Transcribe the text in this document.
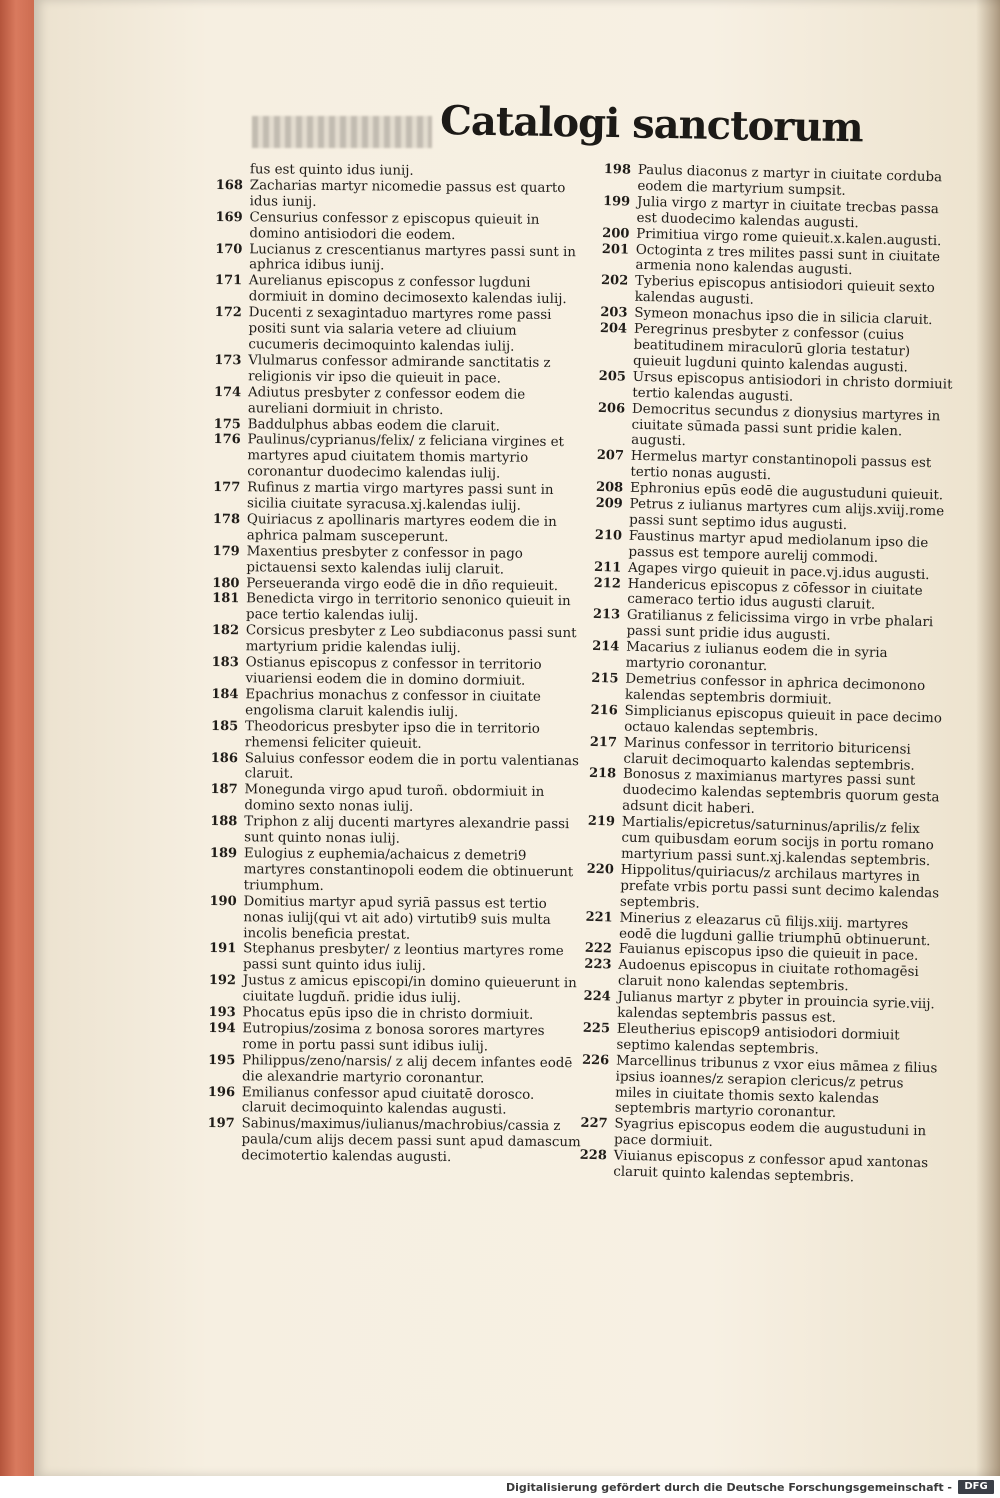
Catalogi sanctorum

fus est quinto idus iunij.

168 Zacharias martyr nicomedie passus est quarto idus iunij.

169 Censurius confessor z episcopus quieuit in domino antisiodori die eodem.

170 Lucianus z crescentianus martyres passi sunt in aphrica idibus iunij.

171 Aurelianus episcopus z confessor lugduni dormiuit in domino decimosexto kalendas iulij.

172 Ducenti z sexagintaduo martyres rome passi positi sunt via salaria vetere ad cliuium cucumeris decimoquinto kalendas iulij.

173 Vlulmarus confessor admirande sanctitatis z religionis vir ipso die quieuit in pace.

174 Adiutus presbyter z confessor eodem die aureliani dormiuit in christo.

175 Baddulphus abbas eodem die claruit.

176 Paulinus/cyprianus/felix/ z feliciana virgines et martyres apud ciuitatem thomis martyrio coronantur duodecimo kalendas iulij.

177 Rufinus z martia virgo martyres passi sunt in sicilia ciuitate syracusa.xj.kalendas iulij.

178 Quiriacus z apollinaris martyres eodem die in aphrica palmam susceperunt.

179 Maxentius presbyter z confessor in pago pictauensi sexto kalendas iulij claruit.

180 Perseueranda virgo eodē die in dño requieuit.

181 Benedicta virgo in territorio senonico quieuit in pace tertio kalendas iulij.

182 Corsicus presbyter z Leo subdiaconus passi sunt martyrium pridie kalendas iulij.

183 Ostianus episcopus z confessor in territorio viuariensi eodem die in domino dormiuit.

184 Epachrius monachus z confessor in ciuitate engolisma claruit kalendis iulij.

185 Theodoricus presbyter ipso die in territorio rhemensi feliciter quieuit.

186 Saluius confessor eodem die in portu valentianas claruit.

187 Monegunda virgo apud turoñ. obdormiuit in domino sexto nonas iulij.

188 Triphon z alij ducenti martyres alexandrie passi sunt quinto nonas iulij.

189 Eulogius z euphemia/achaicus z demetri9 martyres constantinopoli eodem die obtinuerunt triumphum.

190 Domitius martyr apud syriā passus est tertio nonas iulij(qui vt ait ado) virtutib9 suis multa incolis beneficia prestat.

191 Stephanus presbyter/ z leontius martyres rome passi sunt quinto idus iulij.

192 Justus z amicus episcopi/in domino quieuerunt in ciuitate lugduñ. pridie idus iulij.

193 Phocatus epūs ipso die in christo dormiuit.

194 Eutropius/zosima z bonosa sorores martyres rome in portu passi sunt idibus iulij.

195 Philippus/zeno/narsis/ z alij decem infantes eodē die alexandrie martyrio coronantur.

196 Emilianus confessor apud ciuitatē dorosco. claruit decimoquinto kalendas augusti.

197 Sabinus/maximus/iulianus/machrobius/cassia z paula/cum alijs decem passi sunt apud damascum decimotertio kalendas augusti.

198 Paulus diaconus z martyr in ciuitate corduba eodem die martyrium sumpsit.

199 Julia virgo z martyr in ciuitate trecbas passa est duodecimo kalendas augusti.

200 Primitiua virgo rome quieuit.x.kalen.augusti.

201 Octoginta z tres milites passi sunt in ciuitate armenia nono kalendas augusti.

202 Tyberius episcopus antisiodori quieuit sexto kalendas augusti.

203 Symeon monachus ipso die in silicia claruit.

204 Peregrinus presbyter z confessor (cuius beatitudinem miraculorū gloria testatur) quieuit lugduni quinto kalendas augusti.

205 Ursus episcopus antisiodori in christo dormiuit tertio kalendas augusti.

206 Democritus secundus z dionysius martyres in ciuitate sūmada passi sunt pridie kalen. augusti.

207 Hermelus martyr constantinopoli passus est tertio nonas augusti.

208 Ephronius epūs eodē die augustuduni quieuit.

209 Petrus z iulianus martyres cum alijs.xviij.rome passi sunt septimo idus augusti.

210 Faustinus martyr apud mediolanum ipso die passus est tempore aurelij commodi.

211 Agapes virgo quieuit in pace.vj.idus augusti.

212 Handericus episcopus z cōfessor in ciuitate cameraco tertio idus augusti claruit.

213 Gratilianus z felicissima virgo in vrbe phalari passi sunt pridie idus augusti.

214 Macarius z iulianus eodem die in syria martyrio coronantur.

215 Demetrius confessor in aphrica decimonono kalendas septembris dormiuit.

216 Simplicianus episcopus quieuit in pace decimo octauo kalendas septembris.

217 Marinus confessor in territorio bituricensi claruit decimoquarto kalendas septembris.

218 Bonosus z maximianus martyres passi sunt duodecimo kalendas septembris quorum gesta adsunt dicit haberi.

219 Martialis/epicretus/saturninus/aprilis/z felix cum quibusdam eorum socijs in portu romano martyrium passi sunt.xj.kalendas septembris.

220 Hippolitus/quiriacus/z archilaus martyres in prefate vrbis portu passi sunt decimo kalendas septembris.

221 Minerius z eleazarus cū filijs.xiij. martyres eodē die lugduni gallie triumphū obtinuerunt.

222 Fauianus episcopus ipso die quieuit in pace.

223 Audoenus episcopus in ciuitate rothomagēsi claruit nono kalendas septembris.

224 Julianus martyr z pbyter in prouincia syrie.viij. kalendas septembris passus est.

225 Eleutherius episcop9 antisiodori dormiuit septimo kalendas septembris.

226 Marcellinus tribunus z vxor eius māmea z filius ipsius ioannes/z serapion clericus/z petrus miles in ciuitate thomis sexto kalendas septembris martyrio coronantur.

227 Syagrius episcopus eodem die augustuduni in pace dormiuit.

228 Viuianus episcopus z confessor apud xantonas claruit quinto kalendas septembris.

Digitalisierung gefördert durch die Deutsche Forschungsgemeinschaft -	DFG
